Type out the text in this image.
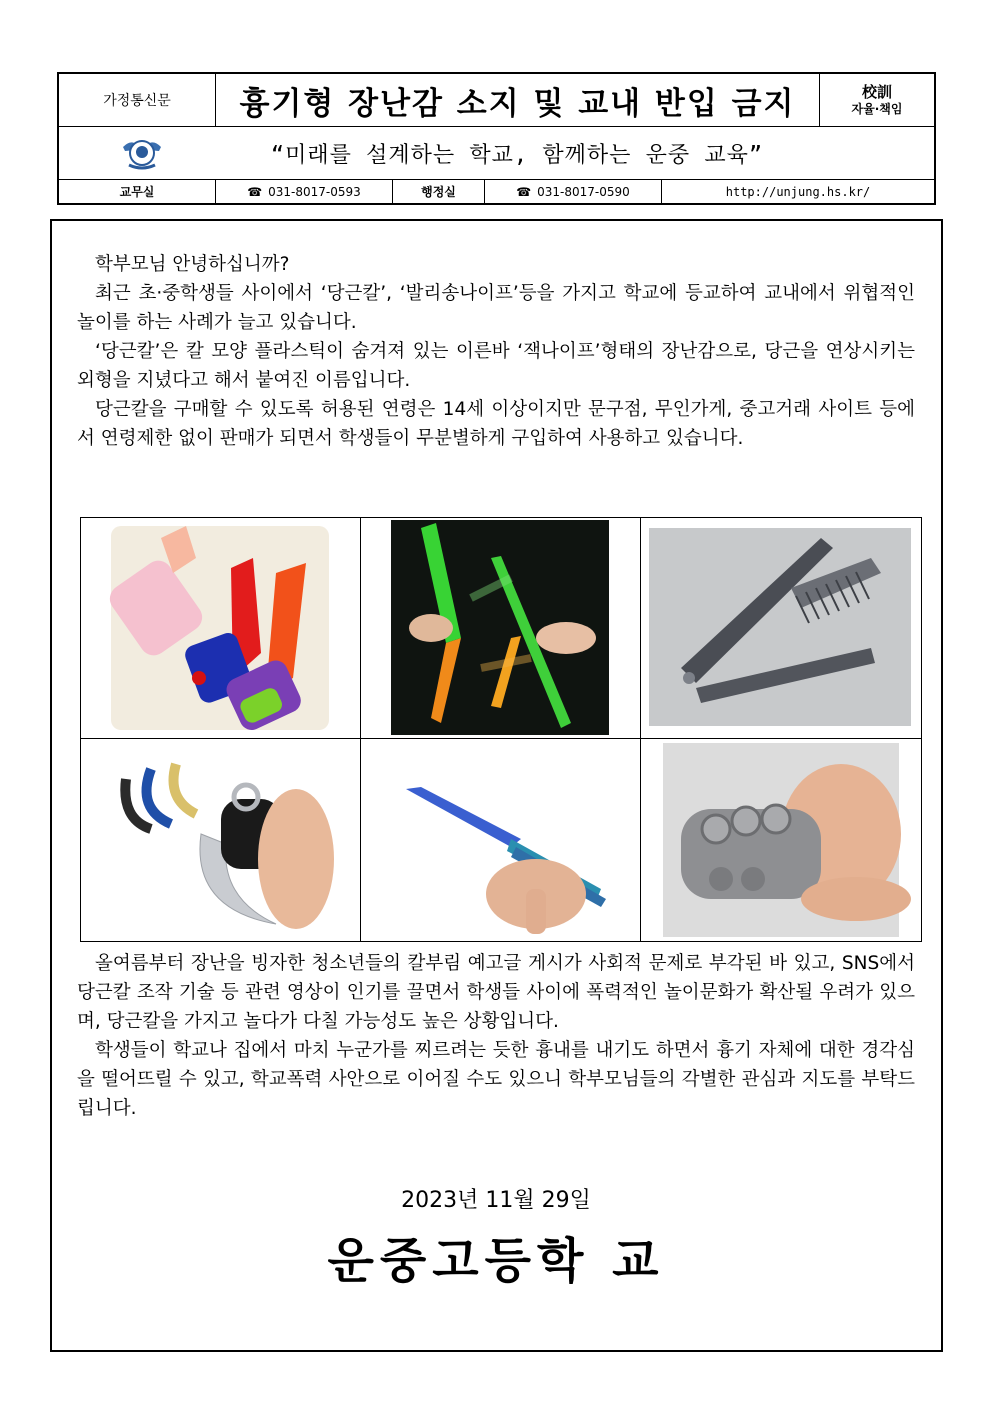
가정통신문	흉기형 장난감 소지 및 교내 반입 금지	校訓
자율·책임
“미래를 설계하는 학교, 함께하는 운중 교육”
교무실	☎ 031-8017-0593	행정실	☎ 031-8017-0590	http://unjung.hs.kr/
학부모님 안녕하십니까?
최근 초·중학생들 사이에서 ‘당근칼’, ‘발리송나이프’등을 가지고 학교에 등교하여 교내에서 위협적인 놀이를 하는 사례가 늘고 있습니다.
‘당근칼’은 칼 모양 플라스틱이 숨겨져 있는 이른바 ‘잭나이프’형태의 장난감으로, 당근을 연상시키는 외형을 지녔다고 해서 붙여진 이름입니다.
당근칼을 구매할 수 있도록 허용된 연령은 14세 이상이지만 문구점, 무인가게, 중고거래 사이트 등에서 연령제한 없이 판매가 되면서 학생들이 무분별하게 구입하여 사용하고 있습니다.
올여름부터 장난을 빙자한 청소년들의 칼부림 예고글 게시가 사회적 문제로 부각된 바 있고, SNS에서 당근칼 조작 기술 등 관련 영상이 인기를 끌면서 학생들 사이에 폭력적인 놀이문화가 확산될 우려가 있으며, 당근칼을 가지고 놀다가 다칠 가능성도 높은 상황입니다.
학생들이 학교나 집에서 마치 누군가를 찌르려는 듯한 흉내를 내기도 하면서 흉기 자체에 대한 경각심을 떨어뜨릴 수 있고, 학교폭력 사안으로 이어질 수도 있으니 학부모님들의 각별한 관심과 지도를 부탁드립니다.
2023년 11월 29일
운중고등학 교
